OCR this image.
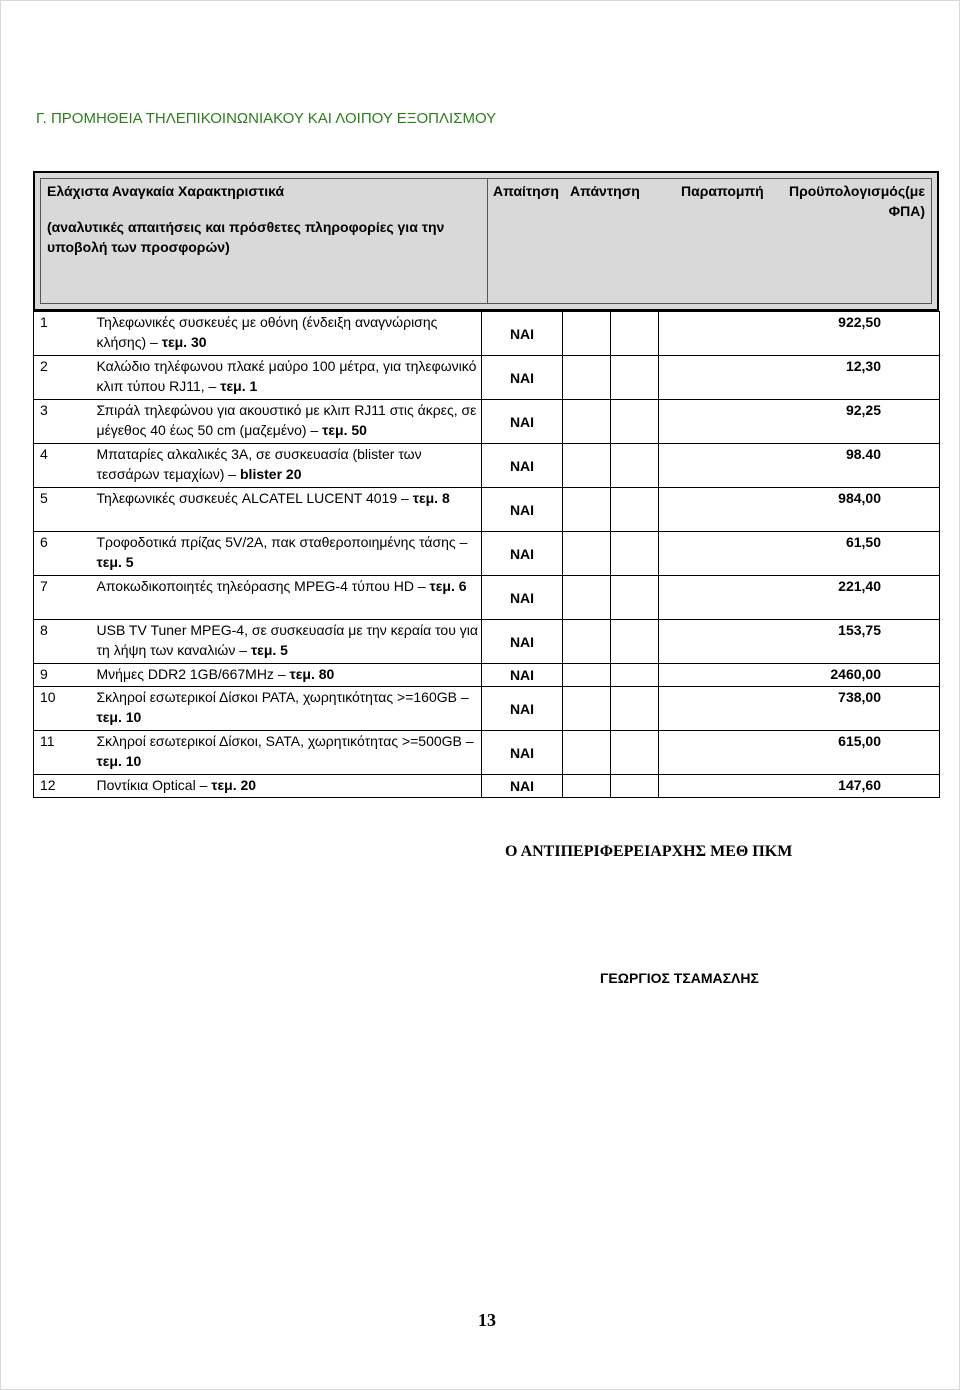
Γ. ΠΡΟΜΗΘΕΙΑ ΤΗΛΕΠΙΚΟΙΝΩΝΙΑΚΟΥ ΚΑΙ ΛΟΙΠΟΥ ΕΞΟΠΛΙΣΜΟΥ
Ελάχιστα Αναγκαία Χαρακτηριστικά
(αναλυτικές απαιτήσεις και πρόσθετες πληροφορίες για την υποβολή των προσφορών)
Απαίτηση Απάντηση	Παραπομπή	Προϋπολογισμός(με ΦΠΑ)
1	Τηλεφωνικές συσκευές με οθόνη (ένδειξη αναγνώρισης κλήσης) – τεμ. 30	ΝΑΙ			922,50
2	Καλώδιο τηλέφωνου πλακέ μαύρο 100 μέτρα, για τηλεφωνικό κλιπ τύπου RJ11, – τεμ. 1	ΝΑΙ			12,30
3	Σπιράλ τηλεφώνου για ακουστικό με κλιπ RJ11 στις άκρες, σε μέγεθος 40 έως 50 cm (μαζεμένο) – τεμ. 50	ΝΑΙ			92,25
4	Μπαταρίες αλκαλικές 3Α, σε συσκευασία (blister των τεσσάρων τεμαχίων) – blister 20	ΝΑΙ			98.40
5	Τηλεφωνικές συσκευές ALCATEL LUCENT 4019 – τεμ. 8	ΝΑΙ			984,00
6	Τροφοδοτικά πρίζας 5V/2A, πακ σταθεροποιημένης τάσης – τεμ. 5	ΝΑΙ			61,50
7	Αποκωδικοποιητές τηλεόρασης MPEG-4 τύπου HD – τεμ. 6	ΝΑΙ			221,40
8	USB TV Tuner MPEG-4, σε συσκευασία με την κεραία του για τη λήψη των καναλιών – τεμ. 5	ΝΑΙ			153,75
9	Μνήμες DDR2 1GB/667MHz – τεμ. 80	ΝΑΙ			2460,00
10	Σκληροί εσωτερικοί Δίσκοι PATA, χωρητικότητας >=160GB – τεμ. 10	ΝΑΙ			738,00
11	Σκληροί εσωτερικοί Δίσκοι, SATA, χωρητικότητας >=500GB – τεμ. 10	ΝΑΙ			615,00
12	Ποντίκια Optical – τεμ. 20	ΝΑΙ			147,60
Ο ΑΝΤΙΠΕΡΙΦΕΡΕΙΑΡΧΗΣ ΜΕΘ ΠΚΜ
ΓΕΩΡΓΙΟΣ ΤΣΑΜΑΣΛΗΣ
13
